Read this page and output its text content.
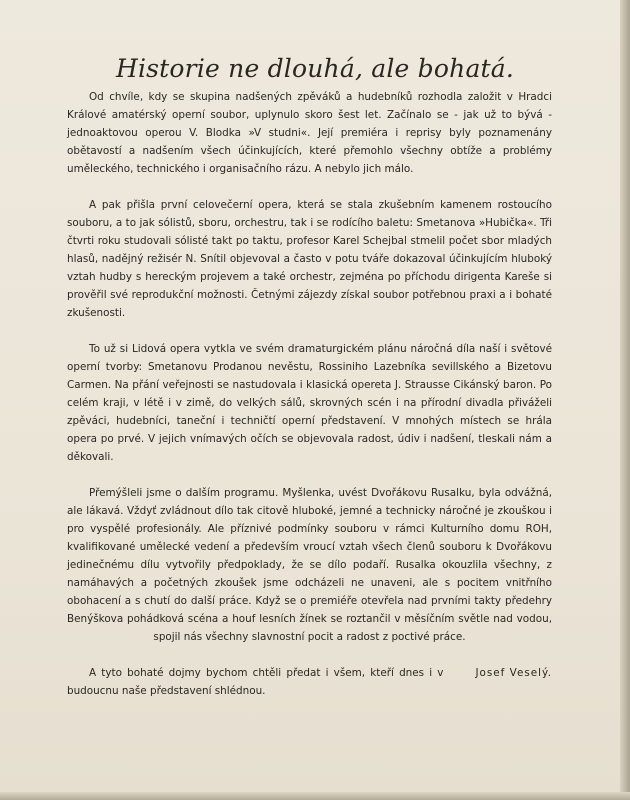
Historie ne dlouhá, ale bohatá.

Od chvíle, kdy se skupina nadšených zpěváků a hudebníků rozhodla založit v Hradci Králové amatérský operní soubor, uplynulo skoro šest let. Začínalo se - jak už to bývá - jednoaktovou operou V. Blodka »V studni«. Její premiéra i reprisy byly poznamenány obětavostí a nadšením všech účinkujících, které přemohlo všechny obtíže a problémy uměleckého, technického i organisačního rázu. A nebylo jich málo.

A pak přišla první celovečerní opera, která se stala zkušebním kamenem rostoucího souboru, a to jak sólistů, sboru, orchestru, tak i se rodícího baletu: Smetanova »Hubička«. Tři čtvrti roku studovali sólisté takt po taktu, profesor Karel Schejbal stmelil počet sbor mladých hlasů, nadějný režisér N. Snítil objevoval a často v potu tváře dokazoval účinkujícím hluboký vztah hudby s hereckým projevem a také orchestr, zejména po příchodu dirigenta Kareše si prověřil své reprodukční možnosti. Četnými zájezdy získal soubor potřebnou praxi a i bohaté zkušenosti.

To už si Lidová opera vytkla ve svém dramaturgickém plánu náročná díla naší i světové operní tvorby: Smetanovu Prodanou nevěstu, Rossiniho Lazebníka sevillského a Bizetovu Carmen. Na přání veřejnosti se nastudovala i klasická opereta J. Strausse Cikánský baron. Po celém kraji, v létě i v zimě, do velkých sálů, skrovných scén i na přírodní divadla přiváželi zpěváci, hudebníci, taneční i techničtí operní představení. V mnohých místech se hrála opera po prvé. V jejich vnímavých očích se objevovala radost, údiv i nadšení, tleskali nám a děkovali.

Přemýšleli jsme o dalším programu. Myšlenka, uvést Dvořákovu Rusalku, byla odvážná, ale lákavá. Vždyť zvládnout dílo tak citově hluboké, jemné a technicky náročné je zkouškou i pro vyspělé profesionály. Ale příznivé podmínky souboru v rámci Kulturního domu ROH, kvalifikované umělecké vedení a především vroucí vztah všech členů souboru k Dvořákovu jedinečnému dílu vytvořily předpoklady, že se dílo podaří. Rusalka okouzlila všechny, z namáhavých a početných zkoušek jsme odcházeli ne unaveni, ale s pocitem vnitřního obohacení a s chutí do další práce. Když se o premiéře otevřela nad prvními takty předehry Benýškova pohádková scéna a houf lesních žínek se roztančil v měsíčním světle nad vodou, spojil nás všechny slavnostní pocit a radost z poctivé práce.

Josef Veselý.
A tyto bohaté dojmy bychom chtěli předat i všem, kteří dnes i v budoucnu naše představení shlédnou.
